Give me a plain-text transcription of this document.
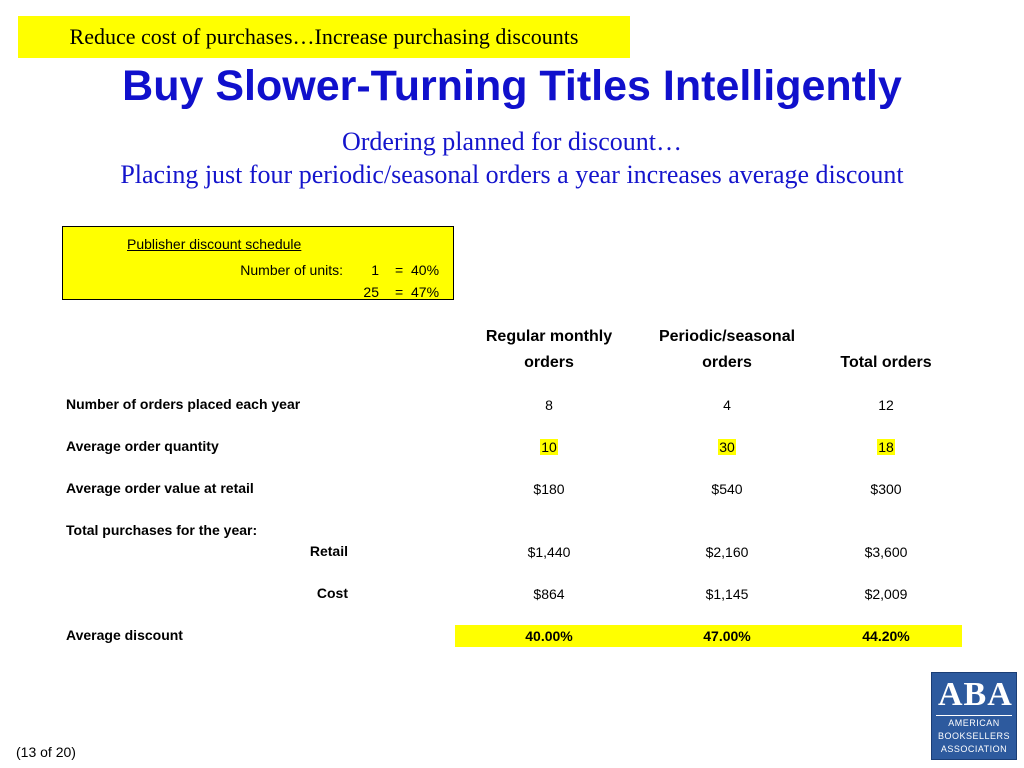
Reduce cost of purchases…Increase purchasing discounts
Buy Slower-Turning Titles Intelligently
Ordering planned for discount…
Placing just four periodic/seasonal orders a year increases average discount
Publisher discount schedule
Number of units:	1 = 40%
25 = 47%
Regular monthly
orders
Periodic/seasonal
orders	Total orders
Number of orders placed each year	8	4	12
Average order quantity	10	30	18
Average order value at retail	$180	$540	$300
Total purchases for the year:
Retail	$1,440	$2,160	$3,600
Cost	$864	$1,145	$2,009
Average discount	40.00%	47.00%	44.20%
(13 of 20)
ABA
AMERICAN
BOOKSELLERS
ASSOCIATION
